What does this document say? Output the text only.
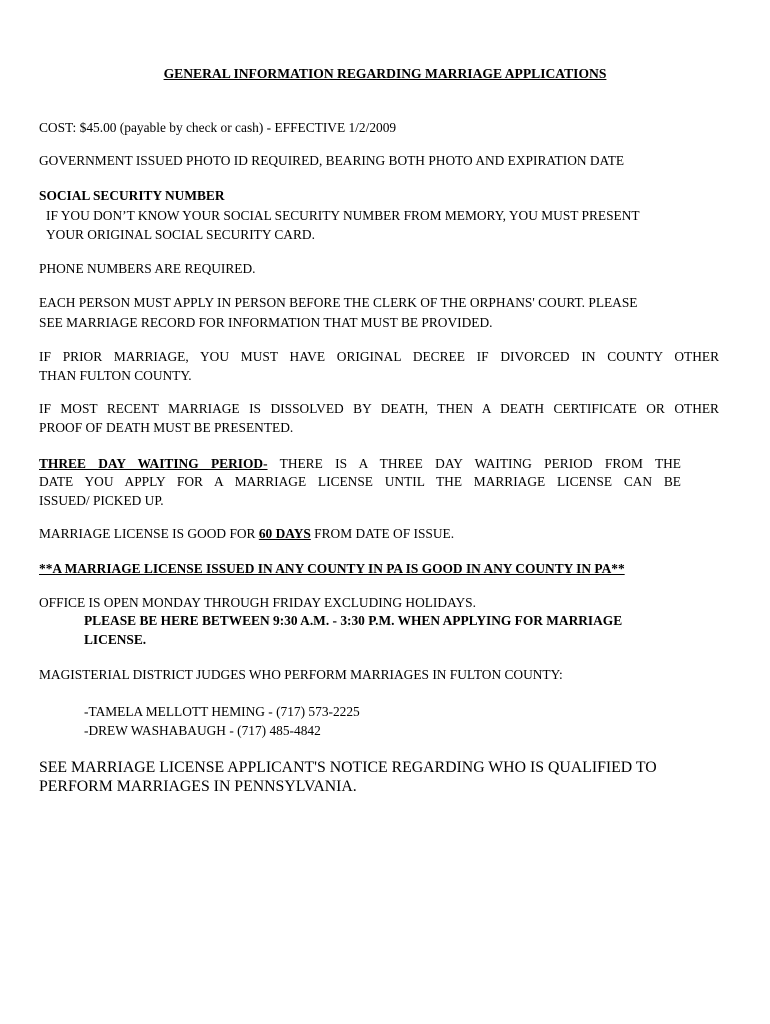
GENERAL INFORMATION REGARDING MARRIAGE APPLICATIONS
COST: $45.00 (payable by check or cash) - EFFECTIVE 1/2/2009
GOVERNMENT ISSUED PHOTO ID REQUIRED, BEARING BOTH PHOTO AND EXPIRATION DATE
SOCIAL SECURITY NUMBER
IF YOU DON’T KNOW YOUR SOCIAL SECURITY NUMBER FROM MEMORY, YOU MUST PRESENT
YOUR ORIGINAL SOCIAL SECURITY CARD.
PHONE NUMBERS ARE REQUIRED.
EACH PERSON MUST APPLY IN PERSON BEFORE THE CLERK OF THE ORPHANS' COURT. PLEASE
SEE MARRIAGE RECORD FOR INFORMATION THAT MUST BE PROVIDED.
IF PRIOR MARRIAGE, YOU MUST HAVE ORIGINAL DECREE IF DIVORCED IN COUNTY OTHER
THAN FULTON COUNTY.
IF MOST RECENT MARRIAGE IS DISSOLVED BY DEATH, THEN A DEATH CERTIFICATE OR OTHER
PROOF OF DEATH MUST BE PRESENTED.
THREE DAY WAITING PERIOD- THERE IS A THREE DAY WAITING PERIOD FROM THE
DATE YOU APPLY FOR A MARRIAGE LICENSE UNTIL THE MARRIAGE LICENSE CAN BE
ISSUED/ PICKED UP.
MARRIAGE LICENSE IS GOOD FOR 60 DAYS FROM DATE OF ISSUE.
**A MARRIAGE LICENSE ISSUED IN ANY COUNTY IN PA IS GOOD IN ANY COUNTY IN PA**
OFFICE IS OPEN MONDAY THROUGH FRIDAY EXCLUDING HOLIDAYS.
PLEASE BE HERE BETWEEN 9:30 A.M. - 3:30 P.M. WHEN APPLYING FOR MARRIAGE
LICENSE.
MAGISTERIAL DISTRICT JUDGES WHO PERFORM MARRIAGES IN FULTON COUNTY:
-TAMELA MELLOTT HEMING - (717) 573-2225
-DREW WASHABAUGH - (717) 485-4842
SEE MARRIAGE LICENSE APPLICANT'S NOTICE REGARDING WHO IS QUALIFIED TO
PERFORM MARRIAGES IN PENNSYLVANIA.
